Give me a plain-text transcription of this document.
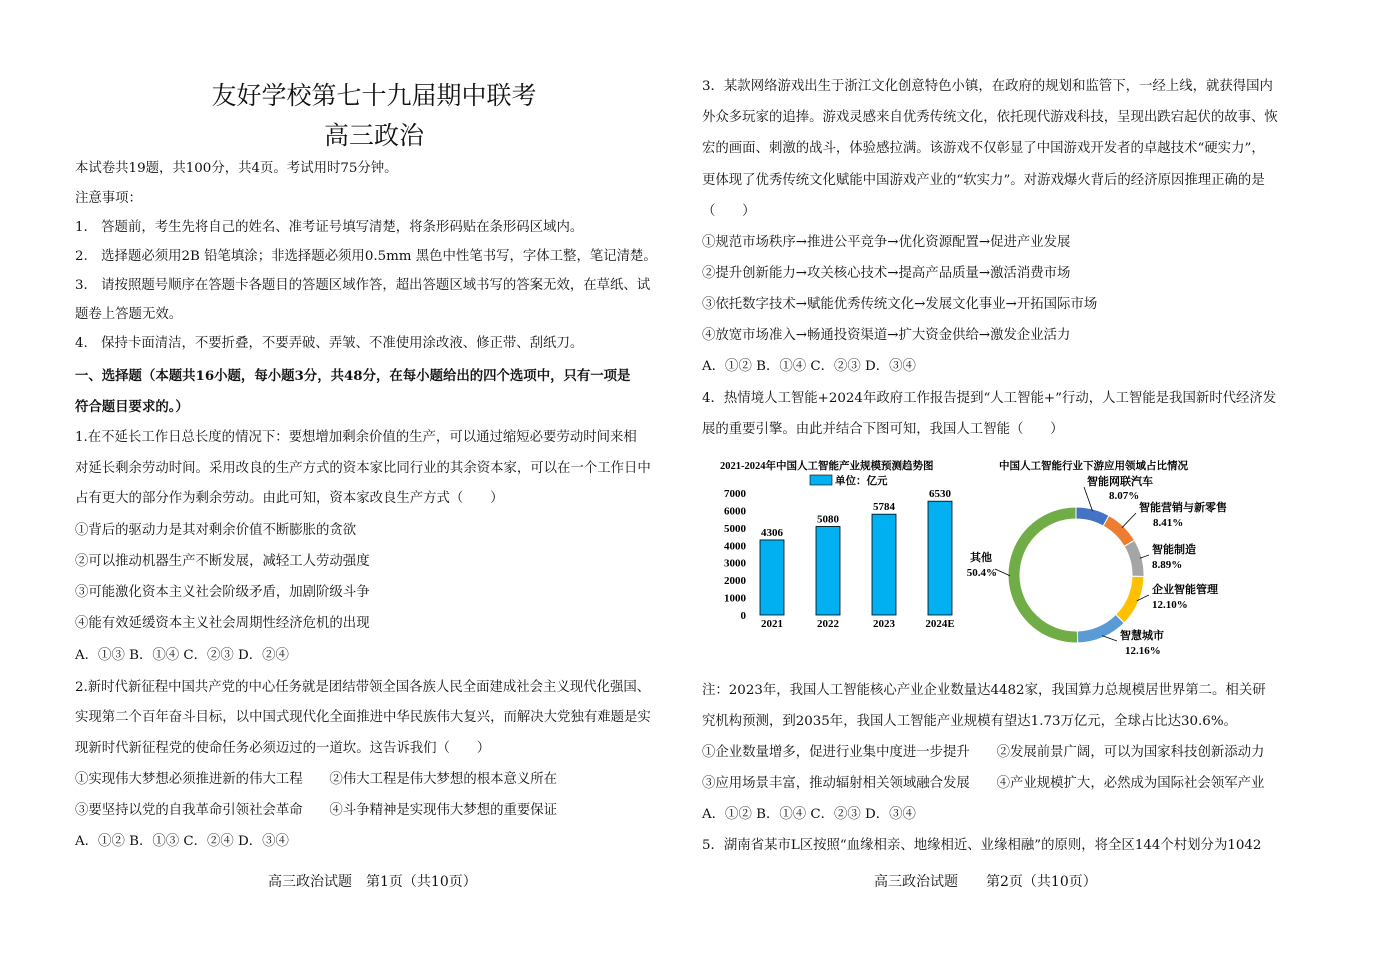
友好学校第七十九届期中联考
高三政治
本试卷共19题，共100分，共4页。考试用时75分钟。
注意事项：
1.　答题前，考生先将自己的姓名、准考证号填写清楚，将条形码贴在条形码区域内。
2.　选择题必须用2B 铅笔填涂；非选择题必须用0.5mm 黑色中性笔书写，字体工整，笔记清楚。
3.　请按照题号顺序在答题卡各题目的答题区域作答，超出答题区域书写的答案无效，在草纸、试
题卷上答题无效。
4.　保持卡面清洁，不要折叠，不要弄破、弄皱、不准使用涂改液、修正带、刮纸刀。
一、选择题（本题共16小题，每小题3分，共48分，在每小题给出的四个选项中，只有一项是
符合题目要求的。）
1.在不延长工作日总长度的情况下：要想增加剩余价值的生产，可以通过缩短必要劳动时间来相
对延长剩余劳动时间。采用改良的生产方式的资本家比同行业的其余资本家，可以在一个工作日中
占有更大的部分作为剩余劳动。由此可知，资本家改良生产方式（　　）
①背后的驱动力是其对剩余价值不断膨胀的贪欲
②可以推动机器生产不断发展，减轻工人劳动强度
③可能激化资本主义社会阶级矛盾，加剧阶级斗争
④能有效延缓资本主义社会周期性经济危机的出现
A．①③ B．①④ C．②③ D．②④
2.新时代新征程中国共产党的中心任务就是团结带领全国各族人民全面建成社会主义现代化强国、
实现第二个百年奋斗目标，以中国式现代化全面推进中华民族伟大复兴，而解决大党独有难题是实
现新时代新征程党的使命任务必须迈过的一道坎。这告诉我们（　　）
①实现伟大梦想必须推进新的伟大工程　　②伟大工程是伟大梦想的根本意义所在
③要坚持以党的自我革命引领社会革命　　④斗争精神是实现伟大梦想的重要保证
A．①② B．①③ C．②④ D．③④
高三政治试题　第1页（共10页）
3．某款网络游戏出生于浙江文化创意特色小镇，在政府的规划和监管下，一经上线，就获得国内
外众多玩家的追捧。游戏灵感来自优秀传统文化，依托现代游戏科技，呈现出跌宕起伏的故事、恢
宏的画面、刺激的战斗，体验感拉满。该游戏不仅彰显了中国游戏开发者的卓越技术“硬实力”，
更体现了优秀传统文化赋能中国游戏产业的“软实力”。对游戏爆火背后的经济原因推理正确的是
（　　）
①规范市场秩序→推进公平竞争→优化资源配置→促进产业发展
②提升创新能力→攻关核心技术→提高产品质量→激活消费市场
③依托数字技术→赋能优秀传统文化→发展文化事业→开拓国际市场
④放宽市场准入→畅通投资渠道→扩大资金供给→激发企业活力
A．①② B．①④ C．②③ D．③④
4．热情境人工智能+2024年政府工作报告提到“人工智能+”行动，人工智能是我国新时代经济发
展的重要引擎。由此并结合下图可知，我国人工智能（　　）
2021-2024年中国人工智能产业规模预测趋势图
单位：亿元
7000
6000
5000
4000
3000
2000
1000
0
4306
2021
5080
2022
5784
2023
6530
2024E
中国人工智能行业下游应用领域占比情况
智能网联汽车
8.07%
智能营销与新零售
8.41%
智能制造
8.89%
企业智能管理
12.10%
智慧城市
12.16%
其他
50.4%
注：2023年，我国人工智能核心产业企业数量达4482家，我国算力总规模居世界第二。相关研
究机构预测，到2035年，我国人工智能产业规模有望达1.73万亿元，全球占比达30.6%。
①企业数量增多，促进行业集中度进一步提升　　②发展前景广阔，可以为国家科技创新添动力
③应用场景丰富，推动辐射相关领域融合发展　　④产业规模扩大，必然成为国际社会领军产业
A．①② B．①④ C．②③ D．③④
5．湖南省某市L区按照“血缘相亲、地缘相近、业缘相融”的原则，将全区144个村划分为1042
高三政治试题　　第2页（共10页）
